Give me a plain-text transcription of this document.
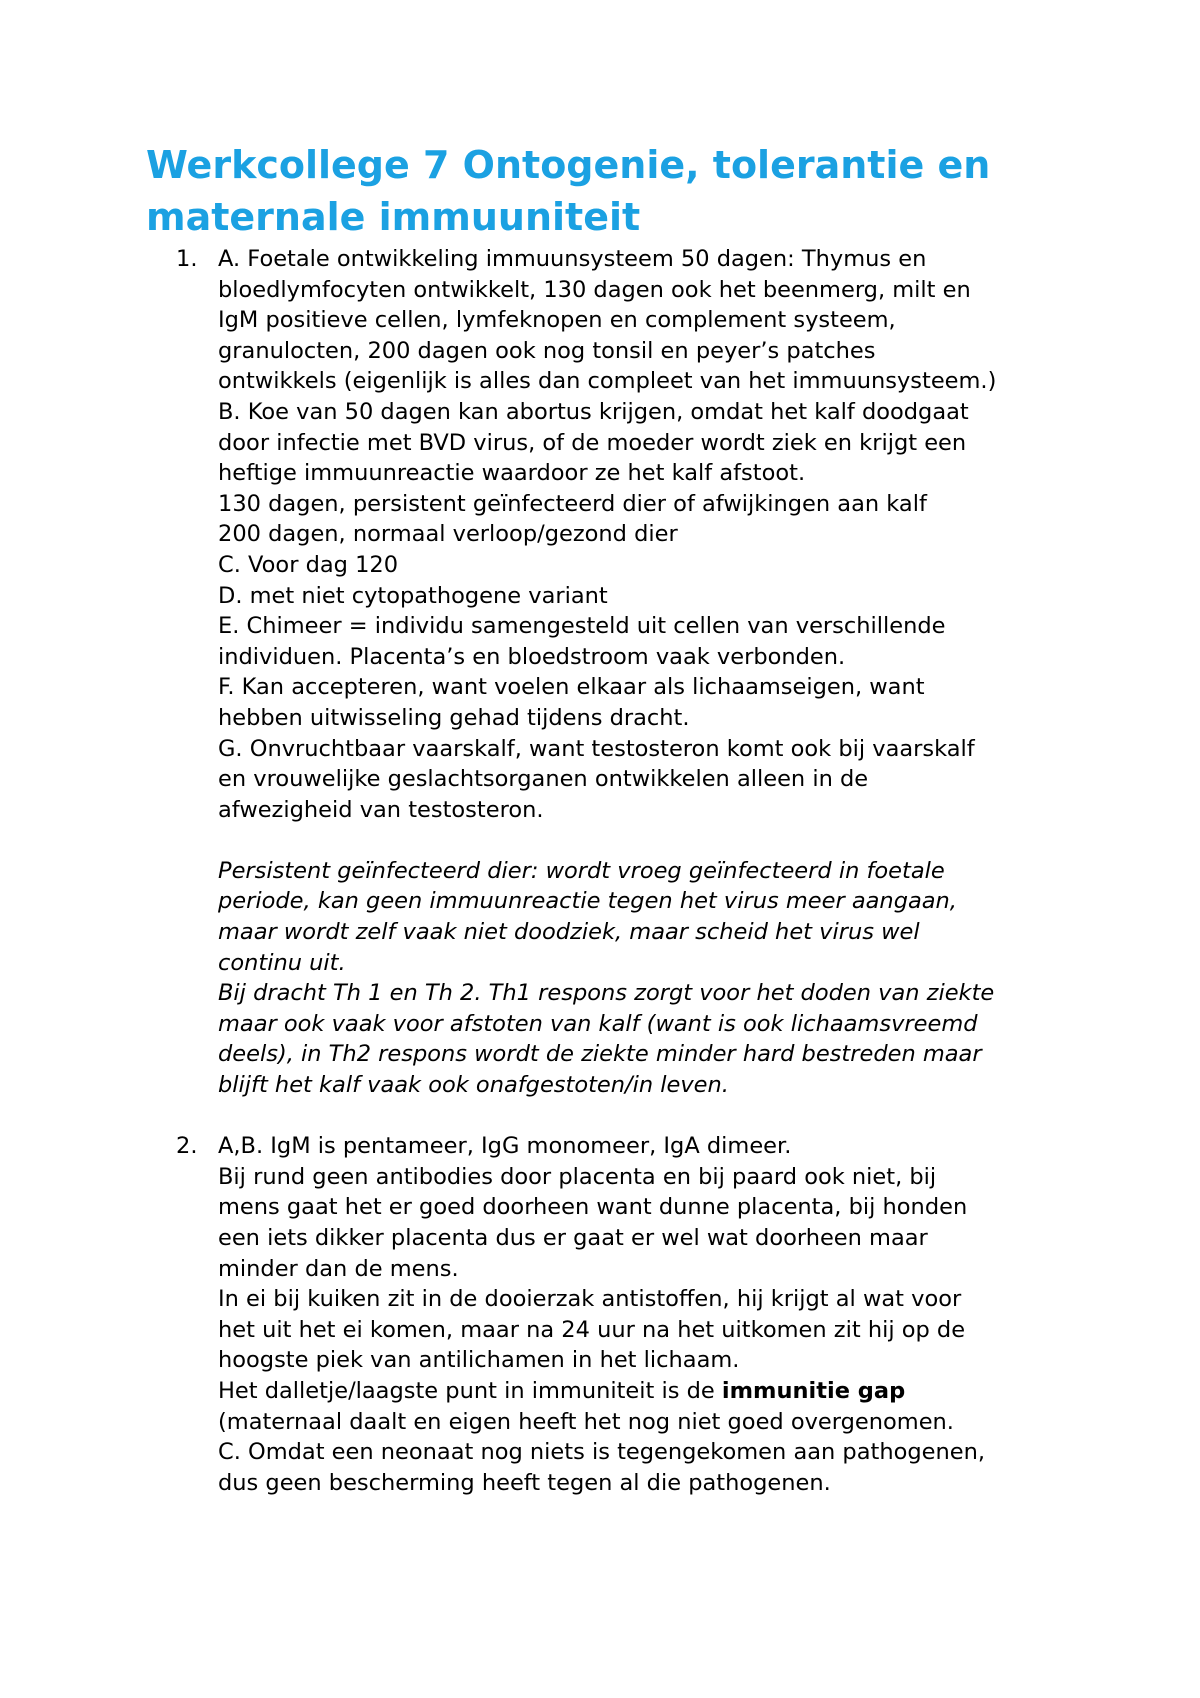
Werkcollege 7 Ontogenie, tolerantie en
maternale immuuniteit
1. A. Foetale ontwikkeling immuunsysteem 50 dagen: Thymus en
bloedlymfocyten ontwikkelt, 130 dagen ook het beenmerg, milt en
IgM positieve cellen, lymfeknopen en complement systeem,
granulocten, 200 dagen ook nog tonsil en peyer’s patches
ontwikkels (eigenlijk is alles dan compleet van het immuunsysteem.)
B. Koe van 50 dagen kan abortus krijgen, omdat het kalf doodgaat
door infectie met BVD virus, of de moeder wordt ziek en krijgt een
heftige immuunreactie waardoor ze het kalf afstoot.
130 dagen, persistent geïnfecteerd dier of afwijkingen aan kalf
200 dagen, normaal verloop/gezond dier
C. Voor dag 120
D. met niet cytopathogene variant
E. Chimeer = individu samengesteld uit cellen van verschillende
individuen. Placenta’s en bloedstroom vaak verbonden.
F. Kan accepteren, want voelen elkaar als lichaamseigen, want
hebben uitwisseling gehad tijdens dracht.
G. Onvruchtbaar vaarskalf, want testosteron komt ook bij vaarskalf
en vrouwelijke geslachtsorganen ontwikkelen alleen in de
afwezigheid van testosteron.
Persistent geïnfecteerd dier: wordt vroeg geïnfecteerd in foetale
periode, kan geen immuunreactie tegen het virus meer aangaan,
maar wordt zelf vaak niet doodziek, maar scheid het virus wel
continu uit.
Bij dracht Th 1 en Th 2. Th1 respons zorgt voor het doden van ziekte
maar ook vaak voor afstoten van kalf (want is ook lichaamsvreemd
deels), in Th2 respons wordt de ziekte minder hard bestreden maar
blijft het kalf vaak ook onafgestoten/in leven.
2. A,B. IgM is pentameer, IgG monomeer, IgA dimeer.
Bij rund geen antibodies door placenta en bij paard ook niet, bij
mens gaat het er goed doorheen want dunne placenta, bij honden
een iets dikker placenta dus er gaat er wel wat doorheen maar
minder dan de mens.
In ei bij kuiken zit in de dooierzak antistoffen, hij krijgt al wat voor
het uit het ei komen, maar na 24 uur na het uitkomen zit hij op de
hoogste piek van antilichamen in het lichaam.
Het dalletje/laagste punt in immuniteit is de immunitie gap
(maternaal daalt en eigen heeft het nog niet goed overgenomen.
C. Omdat een neonaat nog niets is tegengekomen aan pathogenen,
dus geen bescherming heeft tegen al die pathogenen.
